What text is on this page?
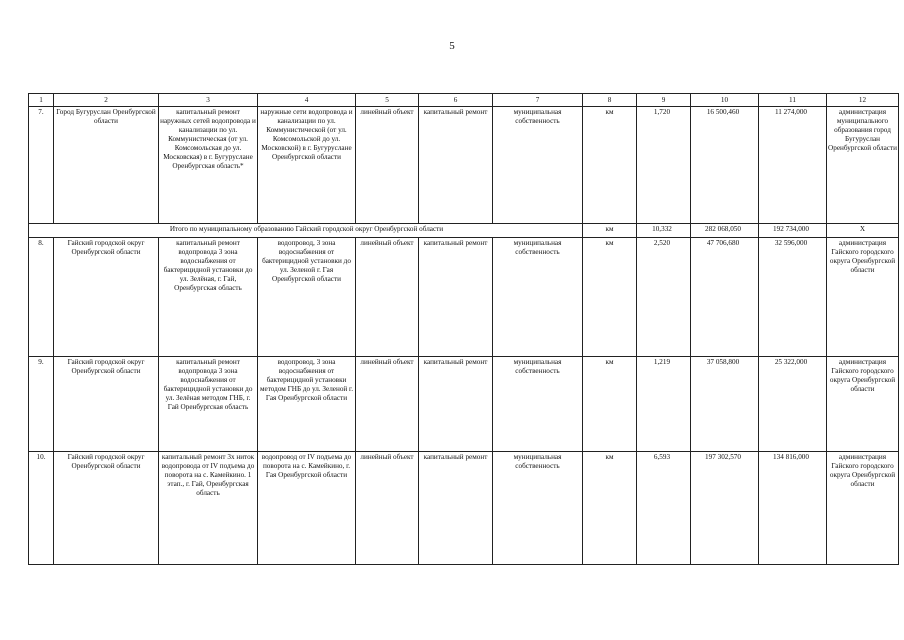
5
1	2	3	4	5	6	7	8	9	10	11	12
7.	Город Бугуруслан Оренбургской области	капитальный ремонт наружных сетей водопровода и канализации по ул. Коммунистическая (от ул. Комсомольская до ул. Московская) в г. Бугуруслане Оренбургская область*	наружные сети водопровода и канализации по ул. Коммунистической (от ул. Комсомольской до ул. Московской) в г. Бугуруслане Оренбургской области	линейный объект	капитальный ремонт	муниципальная собственность	км	1,720	16 500,460	11 274,000	администрация муниципального образования город Бугуруслан Оренбургской области
Итого по муниципальному образованию Гайский городской округ Оренбургской области							км	10,332	282 068,050	192 734,000	Х
8.	Гайский городской округ Оренбургской области	капитальный ремонт водопровода 3 зона водоснабжения от бактерицидной установки до ул. Зелёная, г. Гай, Оренбургская область	водопровод, 3 зона водоснабжения от бактерицидной установки до ул. Зеленой г. Гая Оренбургской области	линейный объект	капитальный ремонт	муниципальная собственность	км	2,520	47 706,680	32 596,000	администрация Гайского городского округа Оренбургской области
9.	Гайский городской округ Оренбургской области	капитальный ремонт водопровода 3 зона водоснабжения от бактерицидной установки до ул. Зелёная методом ГНБ, г. Гай Оренбургская область	водопровод, 3 зона водоснабжения от бактерицидной установки методом ГНБ до ул. Зеленой г. Гая Оренбургской области	линейный объект	капитальный ремонт	муниципальная собственность	км	1,219	37 058,800	25 322,000	администрация Гайского городского округа Оренбургской области
10.	Гайский городской округ Оренбургской области	капитальный ремонт 3х ниток водопровода от IV подъема до поворота на с. Камейкино. 1 этап., г. Гай, Оренбургская область	водопровод от IV подъема до поворота на с. Камейкино, г. Гая Оренбургской области	линейный объект	капитальный ремонт	муниципальная собственность	км	6,593	197 302,570	134 816,000	администрация Гайского городского округа Оренбургской области
